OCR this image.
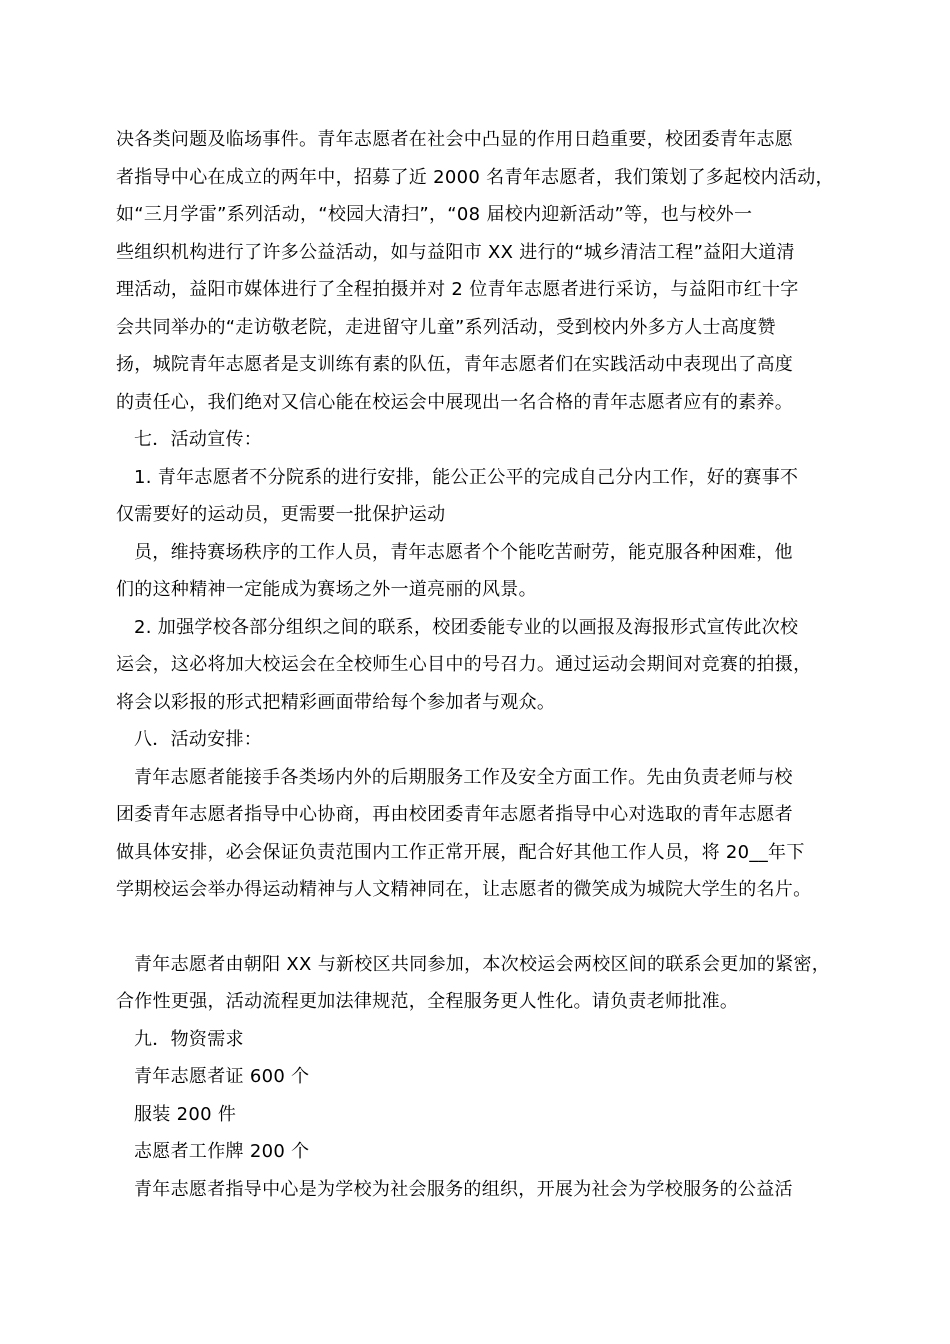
决各类问题及临场事件。青年志愿者在社会中凸显的作用日趋重要，校团委青年志愿
者指导中心在成立的两年中，招募了近 2000 名青年志愿者，我们策划了多起校内活动，
如“三月学雷”系列活动，“校园大清扫”，“08 届校内迎新活动”等，也与校外一
些组织机构进行了许多公益活动，如与益阳市 XX 进行的“城乡清洁工程”益阳大道清
理活动，益阳市媒体进行了全程拍摄并对 2 位青年志愿者进行采访，与益阳市红十字
会共同举办的“走访敬老院，走进留守儿童”系列活动，受到校内外多方人士高度赞
扬，城院青年志愿者是支训练有素的队伍，青年志愿者们在实践活动中表现出了高度
的责任心，我们绝对又信心能在校运会中展现出一名合格的青年志愿者应有的素养。
七．活动宣传：
1. 青年志愿者不分院系的进行安排，能公正公平的完成自己分内工作，好的赛事不
仅需要好的运动员，更需要一批保护运动
员，维持赛场秩序的工作人员，青年志愿者个个能吃苦耐劳，能克服各种困难，他
们的这种精神一定能成为赛场之外一道亮丽的风景。
2. 加强学校各部分组织之间的联系，校团委能专业的以画报及海报形式宣传此次校
运会，这必将加大校运会在全校师生心目中的号召力。通过运动会期间对竞赛的拍摄，
将会以彩报的形式把精彩画面带给每个参加者与观众。
八．活动安排：
青年志愿者能接手各类场内外的后期服务工作及安全方面工作。先由负责老师与校
团委青年志愿者指导中心协商，再由校团委青年志愿者指导中心对选取的青年志愿者
做具体安排，必会保证负责范围内工作正常开展，配合好其他工作人员，将 20__年下
学期校运会举办得运动精神与人文精神同在，让志愿者的微笑成为城院大学生的名片。
青年志愿者由朝阳 XX 与新校区共同参加，本次校运会两校区间的联系会更加的紧密，
合作性更强，活动流程更加法律规范，全程服务更人性化。请负责老师批准。
九．物资需求
青年志愿者证 600 个
服装 200 件
志愿者工作牌 200 个
青年志愿者指导中心是为学校为社会服务的组织，开展为社会为学校服务的公益活
